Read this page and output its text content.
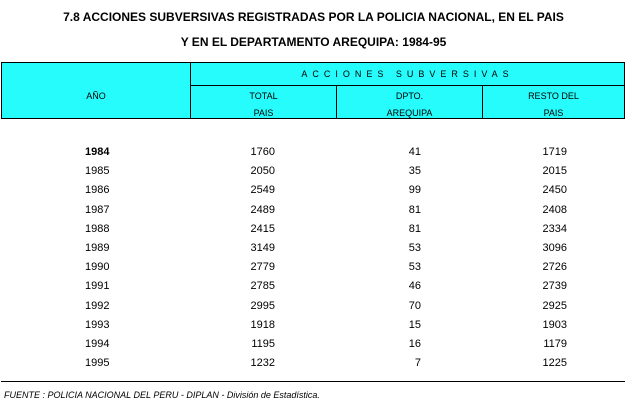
7.8 ACCIONES SUBVERSIVAS REGISTRADAS POR LA POLICIA NACIONAL, EN EL PAIS
Y EN EL DEPARTAMENTO AREQUIPA: 1984-95
AÑO
ACCIONES SUBVERSIVAS
TOTAL
PAIS
DPTO.
AREQUIPA
RESTO DEL
PAIS
1984	1760	41	1719
1985	2050	35	2015
1986	2549	99	2450
1987	2489	81	2408
1988	2415	81	2334
1989	3149	53	3096
1990	2779	53	2726
1991	2785	46	2739
1992	2995	70	2925
1993	1918	15	1903
1994	1195	16	1179
1995	1232	7	1225
FUENTE : POLICIA NACIONAL DEL PERU - DIPLAN - División de Estadística.
